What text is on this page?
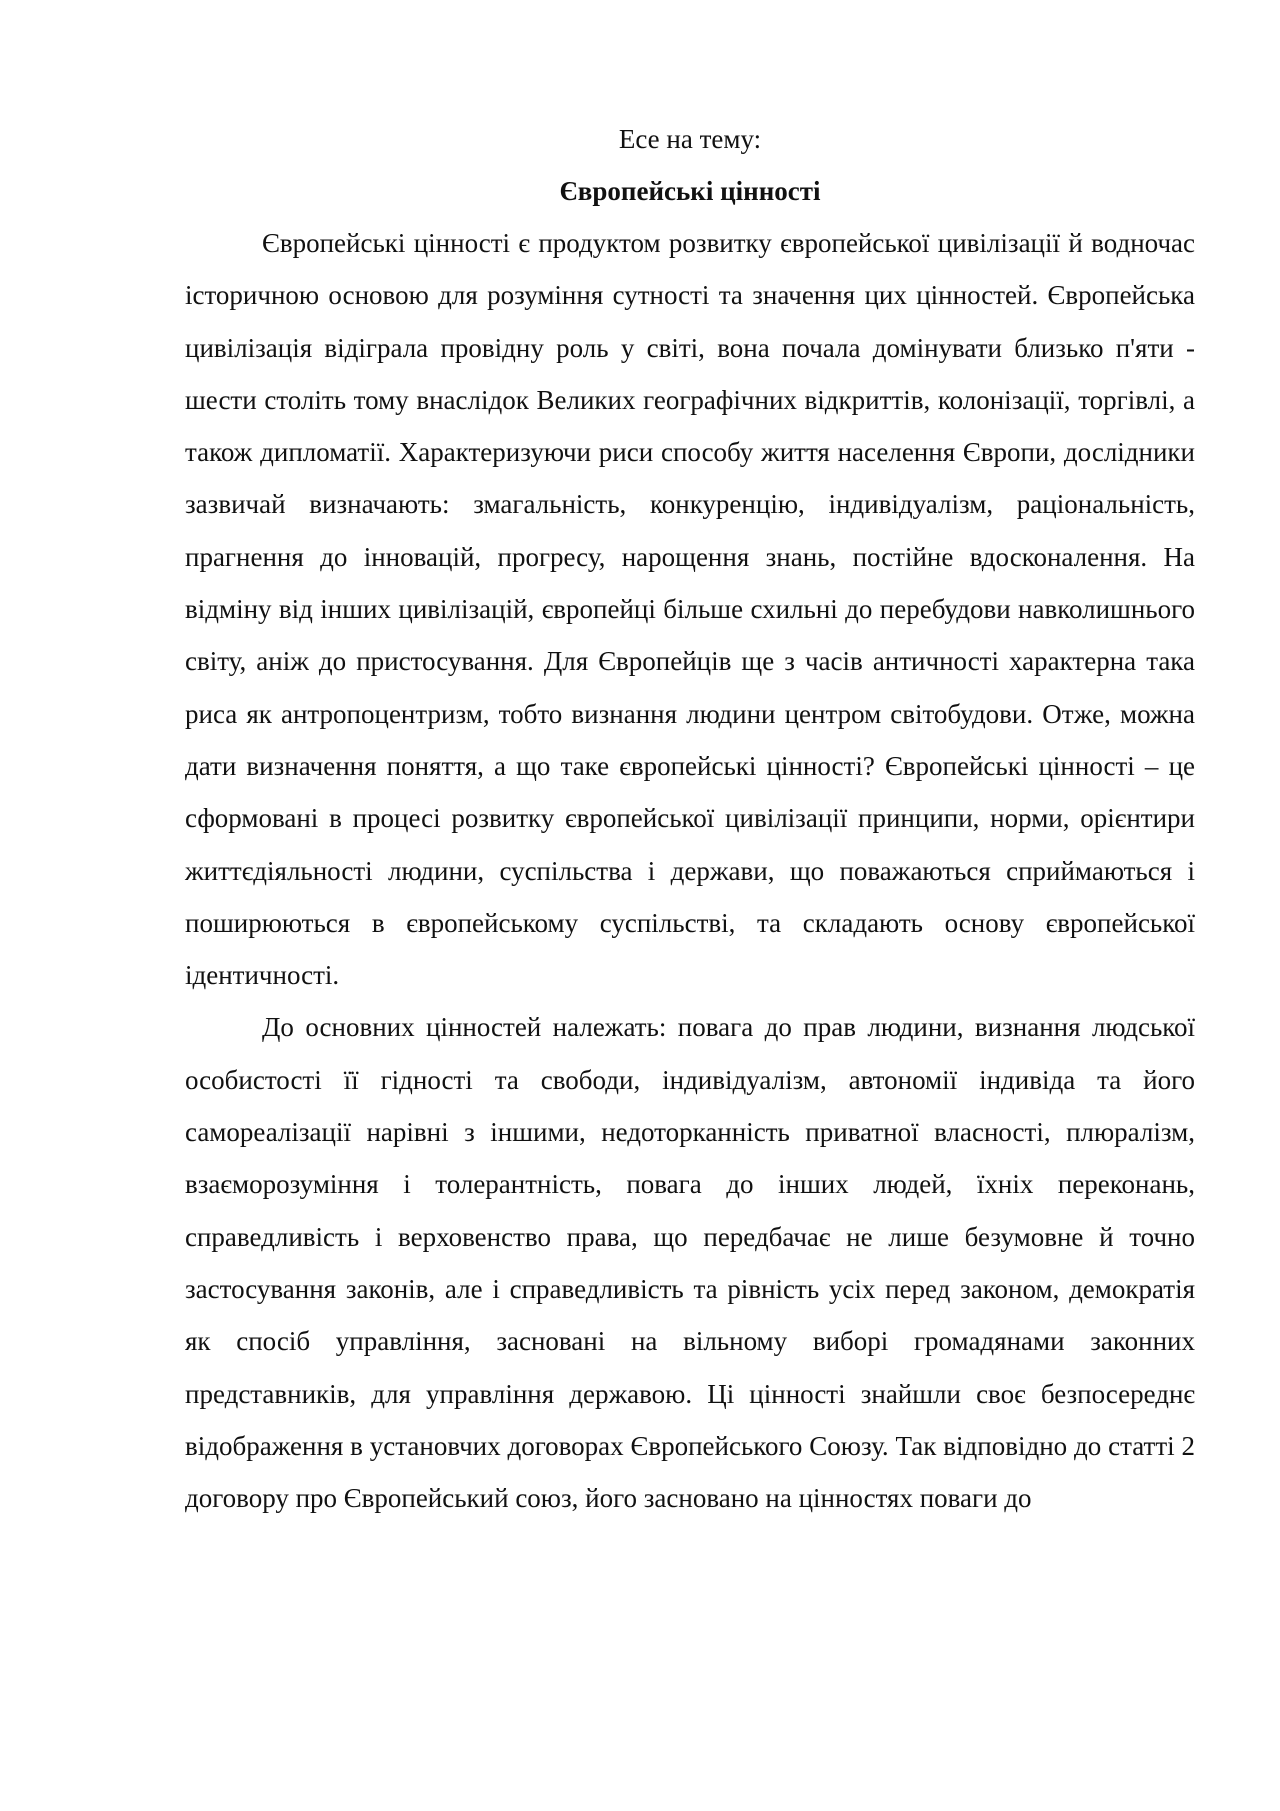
Есе на тему:

Європейські цінності

Європейські цінності є продуктом розвитку європейської цивілізації й водночас історичною основою для розуміння сутності та значення цих цінностей. Європейська цивілізація відіграла провідну роль у світі, вона почала домінувати близько п'яти - шести століть тому внаслідок Великих географічних відкриттів, колонізації, торгівлі, а також дипломатії. Характеризуючи риси способу життя населення Європи, дослідники зазвичай визначають: змагальність, конкуренцію, індивідуалізм, раціональність, прагнення до інновацій, прогресу, нарощення знань, постійне вдосконалення. На відміну від інших цивілізацій, європейці більше схильні до перебудови навколишнього світу, аніж до пристосування. Для Європейців ще з часів античності характерна така риса як антропоцентризм, тобто визнання людини центром світобудови. Отже, можна дати визначення поняття, а що таке європейські цінності? Європейські цінності – це сформовані в процесі розвитку європейської цивілізації принципи, норми, орієнтири життєдіяльності людини, суспільства і держави, що поважаються сприймаються і поширюються в європейському суспільстві, та складають основу європейської ідентичності.

До основних цінностей належать: повага до прав людини, визнання людської особистості її гідності та свободи, індивідуалізм, автономії індивіда та його самореалізації нарівні з іншими, недоторканність приватної власності, плюралізм, взаєморозуміння і толерантність, повага до інших людей, їхніх переконань, справедливість і верховенство права, що передбачає не лише безумовне й точно застосування законів, але і справедливість та рівність усіх перед законом, демократія як спосіб управління, засновані на вільному виборі громадянами законних представників, для управління державою. Ці цінності знайшли своє безпосереднє відображення в установчих договорах Європейського Союзу. Так відповідно до статті 2 договору про Європейський союз, його засновано на цінностях поваги до
